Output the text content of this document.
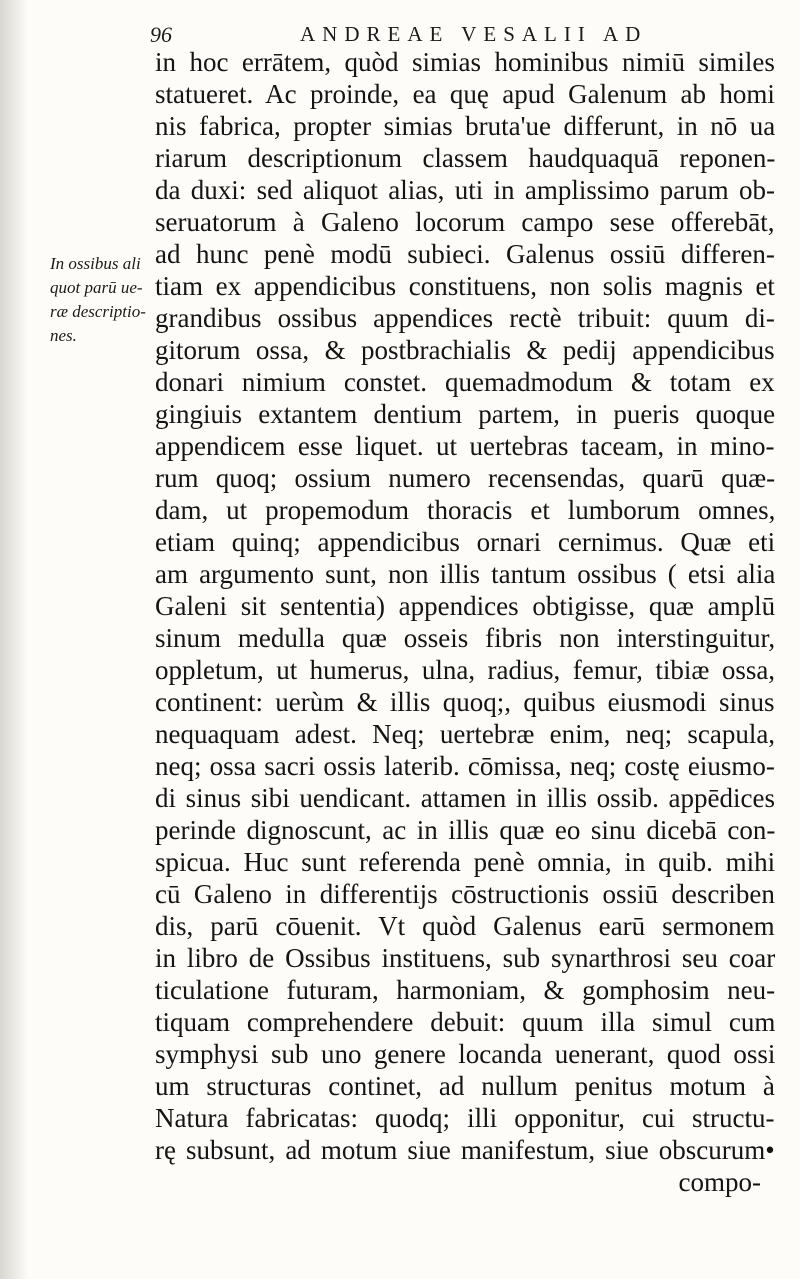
96	ANDREAE VESALII AD
In ossibus ali
quot parū ue-
ræ descriptio-
nes.
in hoc errātem, quòd simias hominibus nimiū similes
statueret. Ac proinde, ea quę apud Galenum ab homi
nis fabrica, propter simias bruta'ue differunt, in nō ua
riarum descriptionum classem haudquaquā reponen-
da duxi: sed aliquot alias, uti in amplissimo parum ob-
seruatorum à Galeno locorum campo sese offerebāt,
ad hunc penè modū subieci. Galenus ossiū differen-
tiam ex appendicibus constituens, non solis magnis et
grandibus ossibus appendices rectè tribuit: quum di-
gitorum ossa, & postbrachialis & pedij appendicibus
donari nimium constet. quemadmodum & totam ex
gingiuis extantem dentium partem, in pueris quoque
appendicem esse liquet. ut uertebras taceam, in mino-
rum quoq; ossium numero recensendas, quarū quæ-
dam, ut propemodum thoracis et lumborum omnes,
etiam quinq; appendicibus ornari cernimus. Quæ eti
am argumento sunt, non illis tantum ossibus ( etsi alia
Galeni sit sententia) appendices obtigisse, quæ amplū
sinum medulla quæ osseis fibris non interstinguitur,
oppletum, ut humerus, ulna, radius, femur, tibiæ ossa,
continent: uerùm & illis quoq;, quibus eiusmodi sinus
nequaquam adest. Neq; uertebræ enim, neq; scapula,
neq; ossa sacri ossis laterib. cōmissa, neq; costę eiusmo-
di sinus sibi uendicant. attamen in illis ossib. appēdices
perinde dignoscunt, ac in illis quæ eo sinu dicebā con-
spicua. Huc sunt referenda penè omnia, in quib. mihi
cū Galeno in differentijs cōstructionis ossiū describen
dis, parū cōuenit. Vt quòd Galenus earū sermonem
in libro de Ossibus instituens, sub synarthrosi seu coar
ticulatione futuram, harmoniam, & gomphosim neu-
tiquam comprehendere debuit: quum illa simul cum
symphysi sub uno genere locanda uenerant, quod ossi
um structuras continet, ad nullum penitus motum à
Natura fabricatas: quodq; illi opponitur, cui structu-
rę subsunt, ad motum siue manifestum, siue obscurum•
compo-
